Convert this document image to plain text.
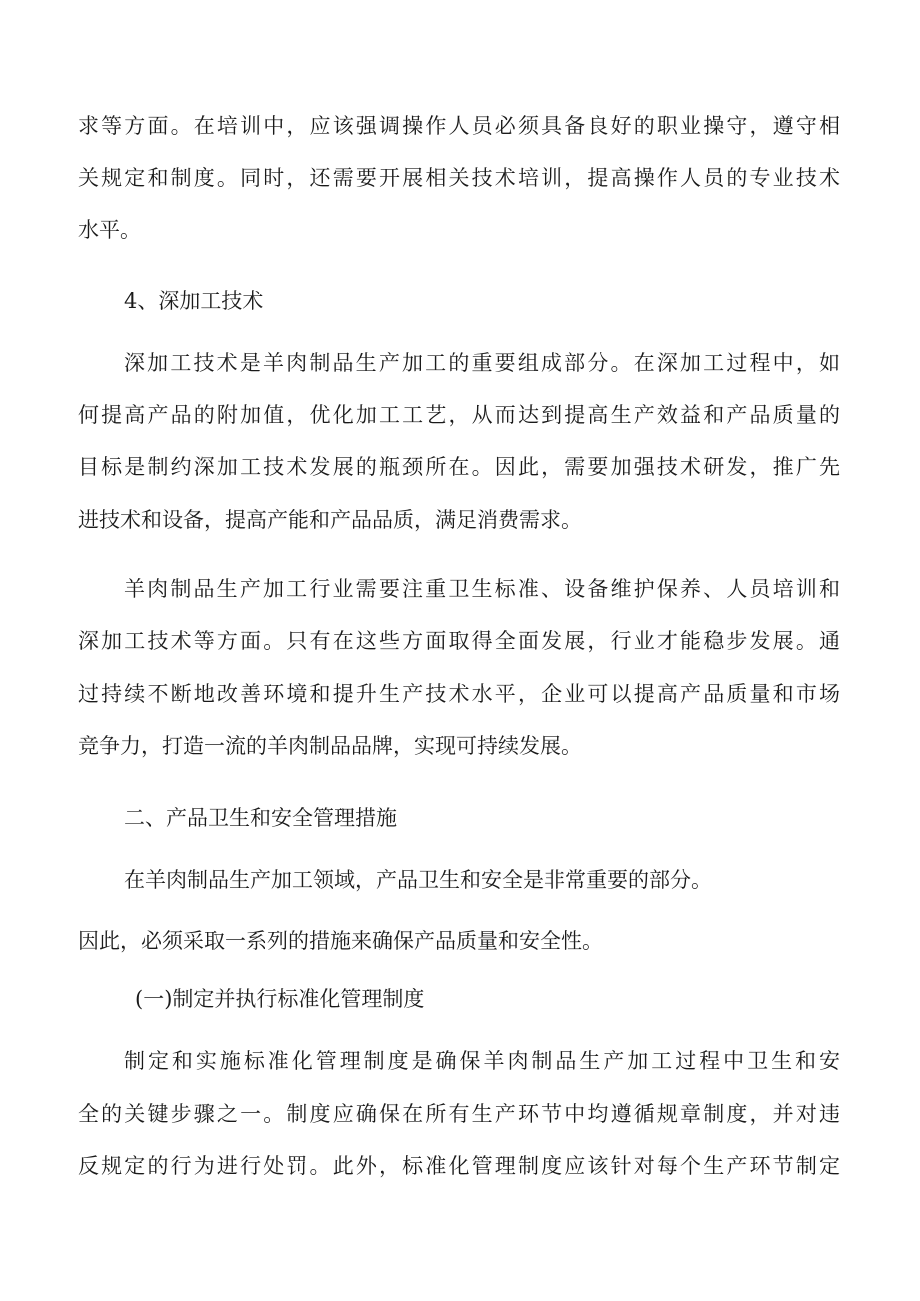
求等方面。在培训中，应该强调操作人员必须具备良好的职业操守，遵守相
关规定和制度。同时，还需要开展相关技术培训，提高操作人员的专业技术
水平。
4、深加工技术
深加工技术是羊肉制品生产加工的重要组成部分。在深加工过程中，如
何提高产品的附加值，优化加工工艺，从而达到提高生产效益和产品质量的
目标是制约深加工技术发展的瓶颈所在。因此，需要加强技术研发，推广先
进技术和设备，提高产能和产品品质，满足消费需求。
羊肉制品生产加工行业需要注重卫生标准、设备维护保养、人员培训和
深加工技术等方面。只有在这些方面取得全面发展，行业才能稳步发展。通
过持续不断地改善环境和提升生产技术水平，企业可以提高产品质量和市场
竞争力，打造一流的羊肉制品品牌，实现可持续发展。
二、产品卫生和安全管理措施
在羊肉制品生产加工领域，产品卫生和安全是非常重要的部分。
因此，必须采取一系列的措施来确保产品质量和安全性。
(一)制定并执行标准化管理制度
制定和实施标准化管理制度是确保羊肉制品生产加工过程中卫生和安
全的关键步骤之一。制度应确保在所有生产环节中均遵循规章制度，并对违
反规定的行为进行处罚。此外，标准化管理制度应该针对每个生产环节制定
